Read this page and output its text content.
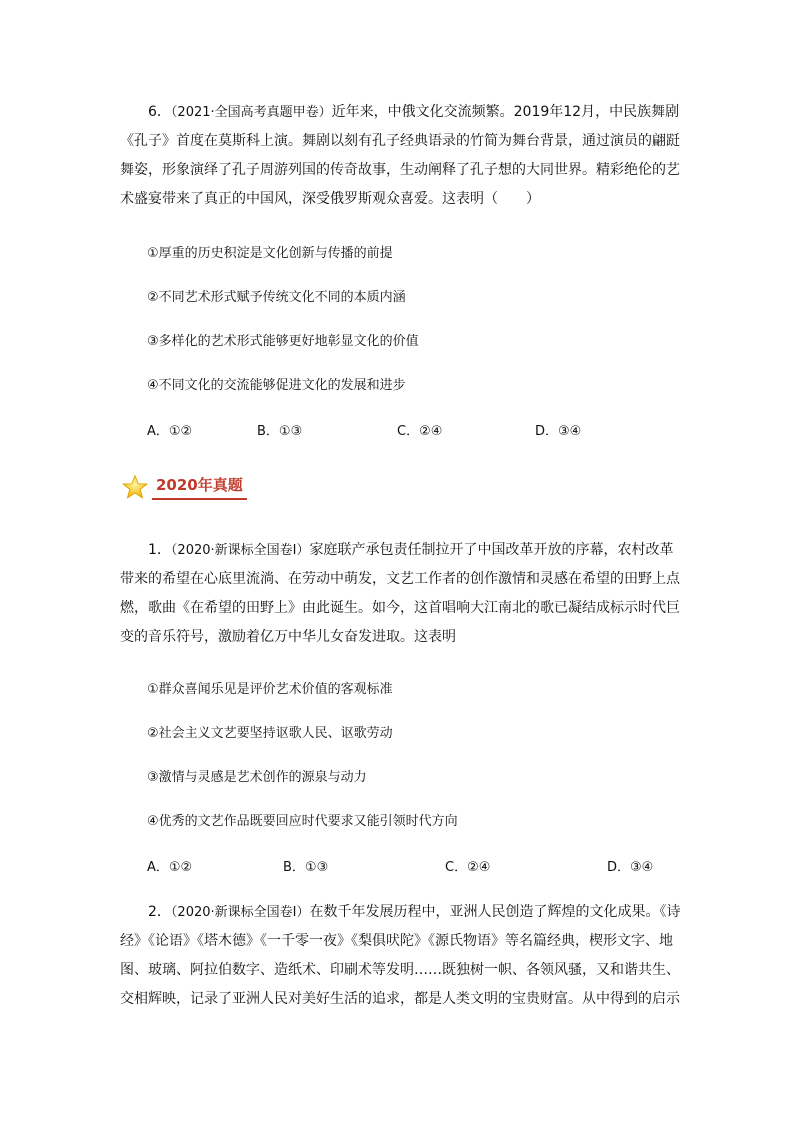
6．（2021·全国高考真题甲卷）近年来，中俄文化交流频繁。2019年12月，中民族舞剧《孔子》首度在莫斯科上演。舞剧以刻有孔子经典语录的竹简为舞台背景，通过演员的翩跹舞姿，形象演绎了孔子周游列国的传奇故事，生动阐释了孔子想的大同世界。精彩绝伦的艺术盛宴带来了真正的中国风，深受俄罗斯观众喜爱。这表明（　　）

①厚重的历史积淀是文化创新与传播的前提

②不同艺术形式赋予传统文化不同的本质内涵

③多样化的艺术形式能够更好地彰显文化的价值

④不同文化的交流能够促进文化的发展和进步

A．①②	B．①③	C．②④	D．③④
2020年真题

1．（2020·新课标全国卷Ⅰ）家庭联产承包责任制拉开了中国改革开放的序幕，农村改革带来的希望在心底里流淌、在劳动中萌发，文艺工作者的创作激情和灵感在希望的田野上点燃，歌曲《在希望的田野上》由此诞生。如今，这首唱响大江南北的歌已凝结成标示时代巨变的音乐符号，激励着亿万中华儿女奋发进取。这表明

①群众喜闻乐见是评价艺术价值的客观标准

②社会主义文艺要坚持讴歌人民、讴歌劳动

③激情与灵感是艺术创作的源泉与动力

④优秀的文艺作品既要回应时代要求又能引领时代方向

A．①②	B．①③	C．②④	D．③④

2．（2020·新课标全国卷Ⅰ）在数千年发展历程中，亚洲人民创造了辉煌的文化成果。《诗经》《论语》《塔木德》《一千零一夜》《梨俱吠陀》《源氏物语》等名篇经典，楔形文字、地图、玻璃、阿拉伯数字、造纸术、印刷术等发明……既独树一帜、各领风骚，又和谐共生、交相辉映，记录了亚洲人民对美好生活的追求，都是人类文明的宝贵财富。从中得到的启示
